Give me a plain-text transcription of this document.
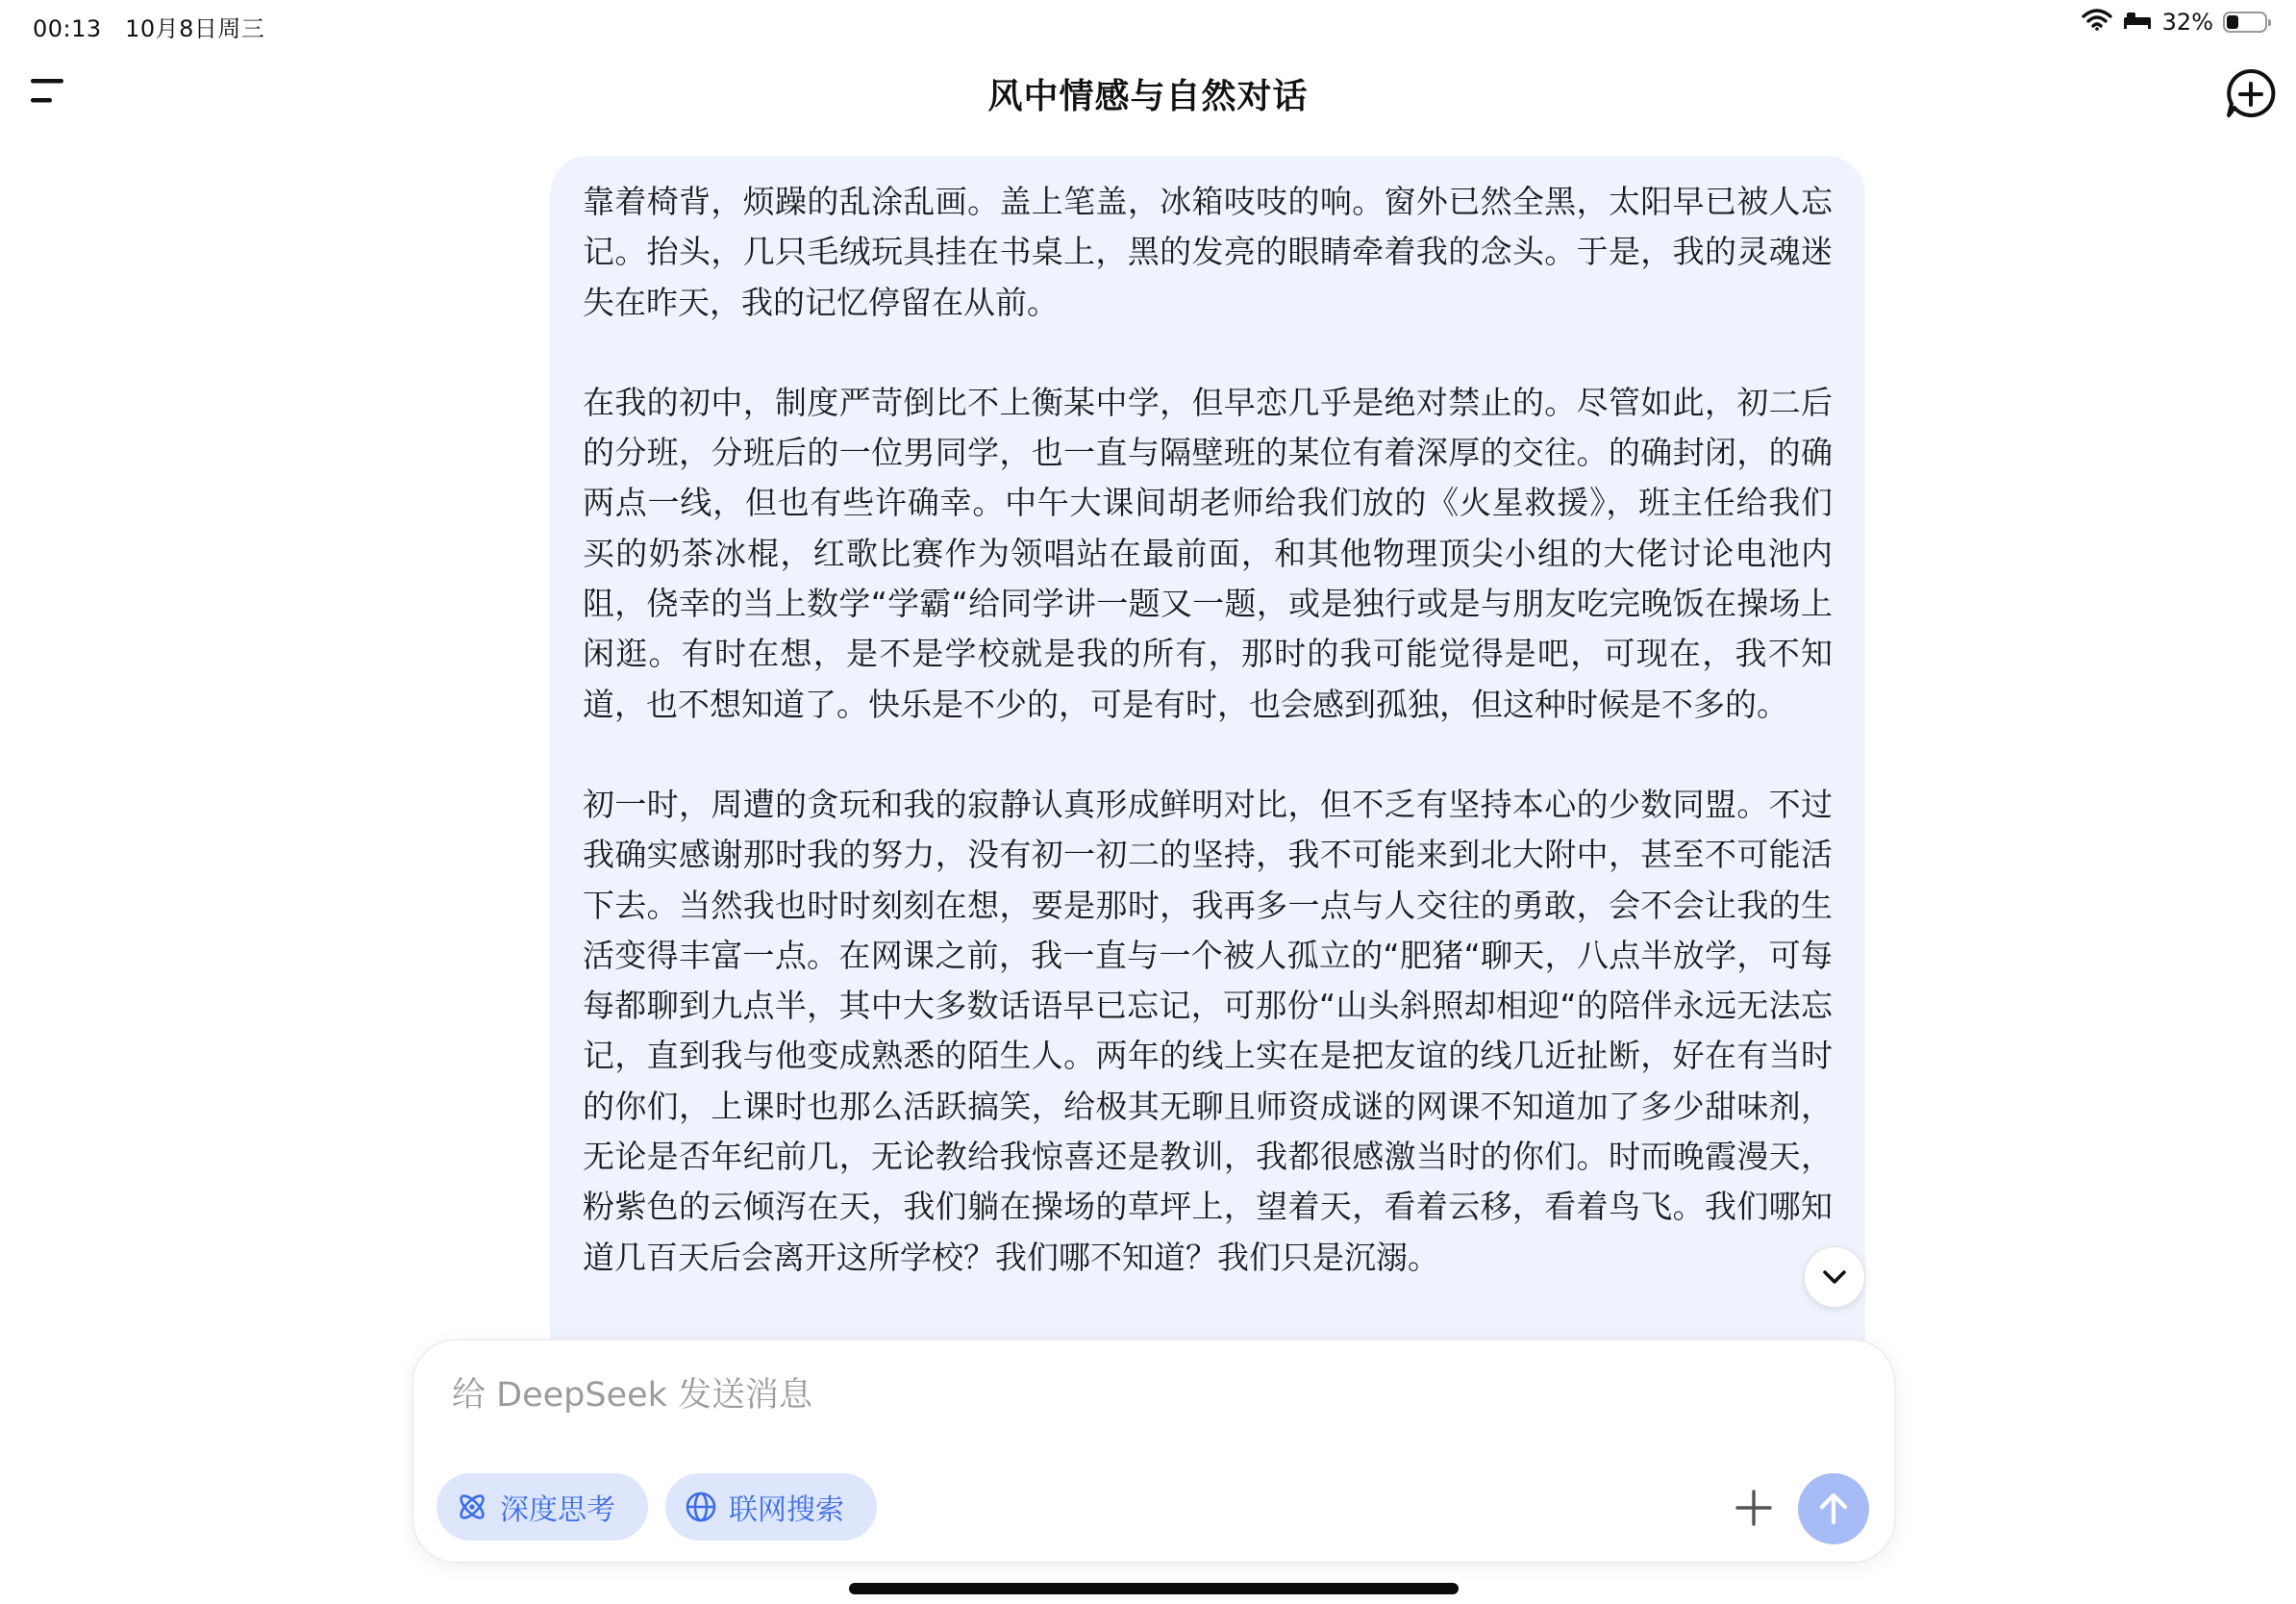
00:13 10月8日周三	32%
风中情感与自然对话

靠着椅背，烦躁的乱涂乱画。盖上笔盖，冰箱吱吱的响。窗外已然全黑，太阳早已被人忘记。抬头，几只毛绒玩具挂在书桌上，黑的发亮的眼睛牵着我的念头。于是，我的灵魂迷失在昨天，我的记忆停留在从前。

在我的初中，制度严苛倒比不上衡某中学，但早恋几乎是绝对禁止的。尽管如此，初二后的分班，分班后的一位男同学，也一直与隔壁班的某位有着深厚的交往。的确封闭，的确两点一线，但也有些许确幸。中午大课间胡老师给我们放的《火星救援》，班主任给我们买的奶茶冰棍，红歌比赛作为领唱站在最前面，和其他物理顶尖小组的大佬讨论电池内阻，侥幸的当上数学“学霸“给同学讲一题又一题，或是独行或是与朋友吃完晚饭在操场上闲逛。有时在想，是不是学校就是我的所有，那时的我可能觉得是吧，可现在，我不知道，也不想知道了。快乐是不少的，可是有时，也会感到孤独，但这种时候是不多的。

初一时，周遭的贪玩和我的寂静认真形成鲜明对比，但不乏有坚持本心的少数同盟。不过我确实感谢那时我的努力，没有初一初二的坚持，我不可能来到北大附中，甚至不可能活下去。当然我也时时刻刻在想，要是那时，我再多一点与人交往的勇敢，会不会让我的生活变得丰富一点。在网课之前，我一直与一个被人孤立的“肥猪“聊天，八点半放学，可每每都聊到九点半，其中大多数话语早已忘记，可那份“山头斜照却相迎“的陪伴永远无法忘记，直到我与他变成熟悉的陌生人。两年的线上实在是把友谊的线几近扯断，好在有当时的你们，上课时也那么活跃搞笑，给极其无聊且师资成谜的网课不知道加了多少甜味剂，无论是否年纪前几，无论教给我惊喜还是教训，我都很感激当时的你们。时而晚霞漫天，粉紫色的云倾泻在天，我们躺在操场的草坪上，望着天，看着云移，看着鸟飞。我们哪知道几百天后会离开这所学校？我们哪不知道？我们只是沉溺。

给 DeepSeek 发送消息
深度思考	联网搜索
